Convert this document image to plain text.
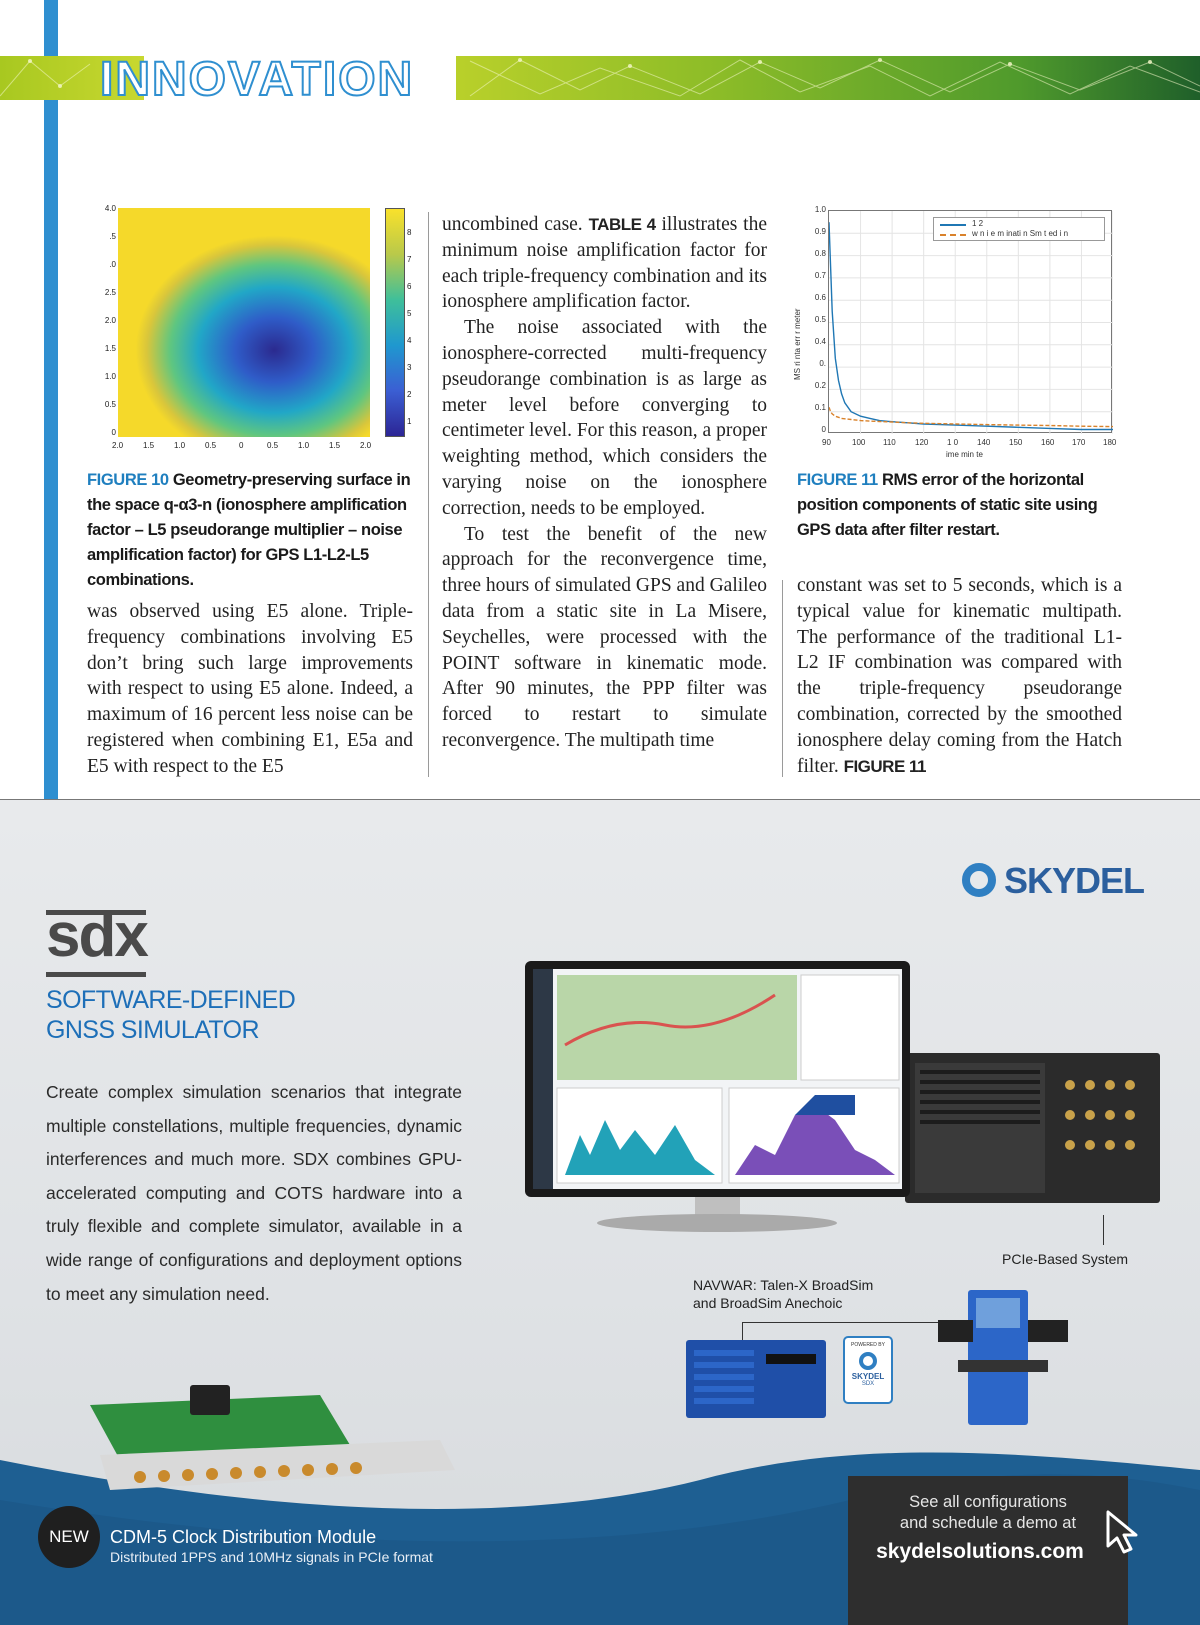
INNOVATION
4.0
.5
.0
2.5
2.0
1.5
1.0
0.5
0
2.0 1.5 1.0 0.5	0	0.5 1.0 1.5 2.0
8
7
6
5
4
3
2
1
FIGURE 10 Geometry-preserving surface in the space q-α3-n (ionosphere amplification factor – L5 pseudorange multiplier – noise amplification factor) for GPS L1-L2-L5 combinations.
was observed using E5 alone. Triple-frequency combinations involving E5 don’t bring such large improvements with respect to using E5 alone. Indeed, a maximum of 16 percent less noise can be registered when combining E1, E5a and E5 with respect to the E5

uncombined case. TABLE 4 illustrates the minimum noise amplification factor for each triple-frequency combination and its ionosphere amplification factor.

The noise associated with the ionosphere-corrected multi-frequency pseudorange combination is as large as meter level before converging to centimeter level. For this reason, a proper weighting method, which considers the varying noise on the ionosphere correction, needs to be employed.

To test the benefit of the new approach for the reconvergence time, three hours of simulated GPS and Galileo data from a static site in La Misere, Seychelles, were processed with the POINT software in kinematic mode. After 90 minutes, the PPP filter was forced to restart to simulate reconvergence. The multipath time

1 2
w n i e m inati n Sm t ed i n
1.0
0.9
0.8
0.7
0.6
0.5
0.4
0.
0.2
0.1
0
MS ri nta err r meter
90	100 110 120 1 0 140 150 160 170 180
ime min te
FIGURE 11 RMS error of the horizontal position components of static site using GPS data after filter restart.
constant was set to 5 seconds, which is a typical value for kinematic multipath. The performance of the traditional L1- L2 IF combination was compared with the triple-frequency pseudorange combination, corrected by the smoothed ionosphere delay coming from the Hatch filter. FIGURE 11
sdx
SOFTWARE-DEFINED
GNSS SIMULATOR
Create complex simulation scenarios that integrate multiple constellations, multiple frequencies, dynamic interferences and much more. SDX combines GPU-accelerated computing and COTS hardware into a truly flexible and complete simulator, available in a wide range of configurations and deployment options to meet any simulation need.
SKYDEL
PCIe-Based System
NAVWAR: Talen-X BroadSim
and BroadSim Anechoic
POWERED BY
SKYDEL
SDX
NEW	CDM-5 Clock Distribution Module
Distributed 1PPS and 10MHz signals in PCIe format
See all configurations
and schedule a demo at
skydelsolutions.com
